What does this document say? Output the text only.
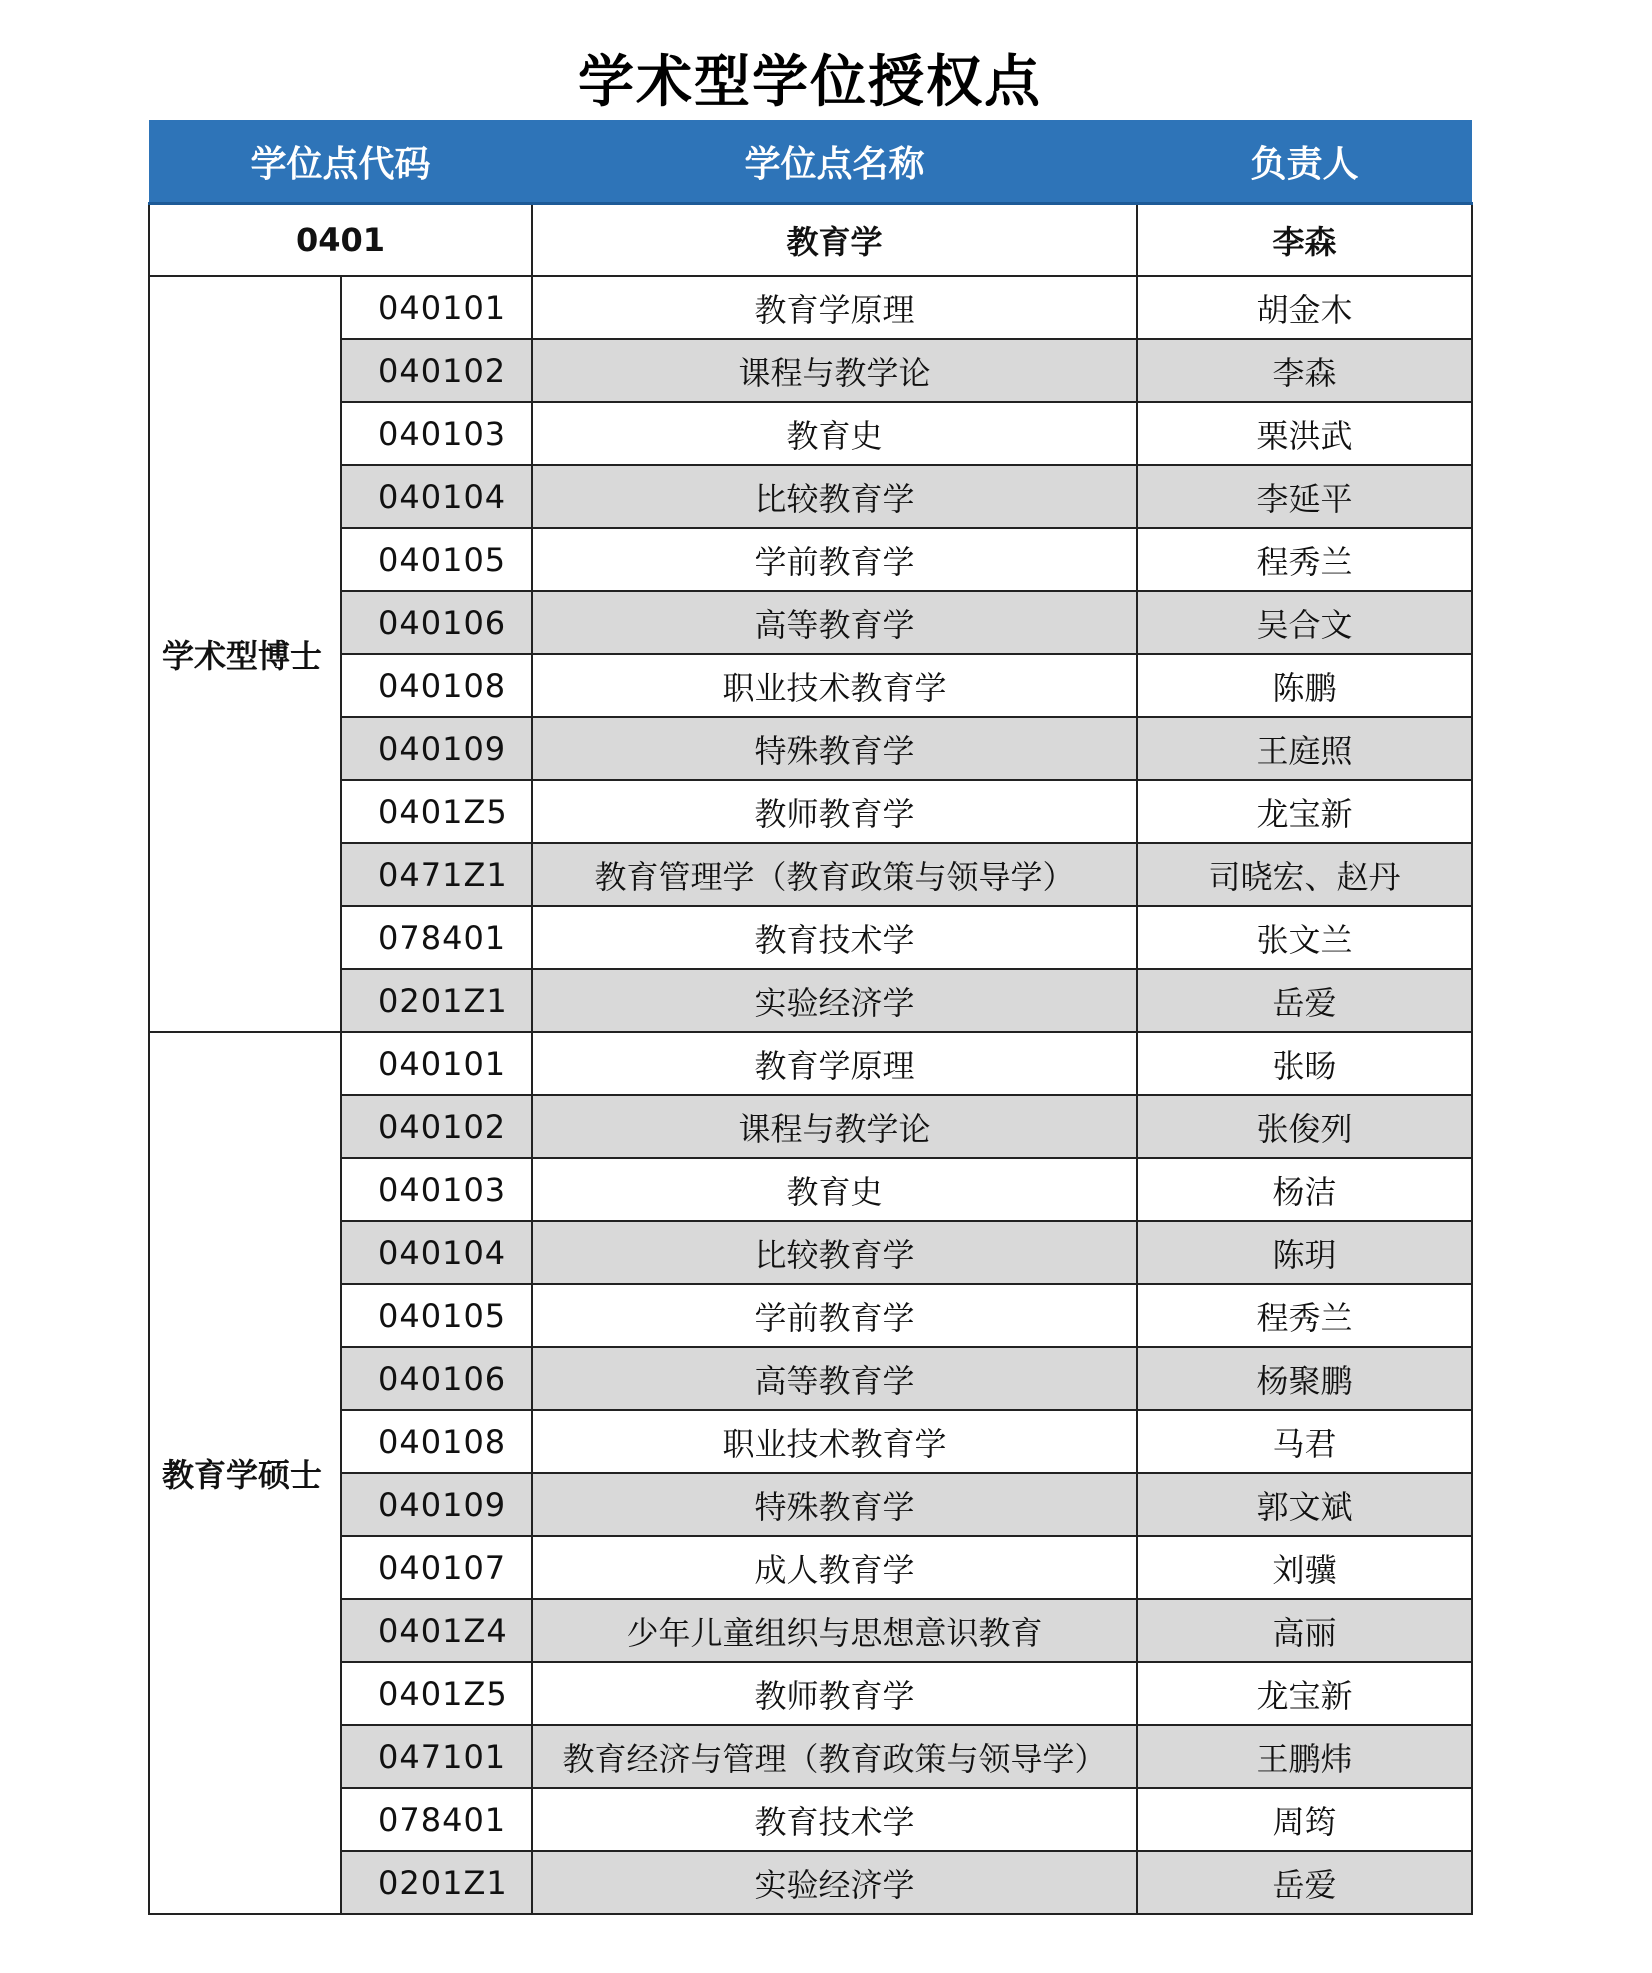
学术型学位授权点
学位点代码		学位点名称	负责人
0401		教育学	李森
学术型博士	040101	教育学原理	胡金木
	040102	课程与教学论	李森
	040103	教育史	栗洪武
	040104	比较教育学	李延平
	040105	学前教育学	程秀兰
	040106	高等教育学	吴合文
	040108	职业技术教育学	陈鹏
	040109	特殊教育学	王庭照
	0401Z5	教师教育学	龙宝新
	0471Z1	教育管理学（教育政策与领导学）	司晓宏、赵丹
	078401	教育技术学	张文兰
	0201Z1	实验经济学	岳爱
教育学硕士	040101	教育学原理	张旸
	040102	课程与教学论	张俊列
	040103	教育史	杨洁
	040104	比较教育学	陈玥
	040105	学前教育学	程秀兰
	040106	高等教育学	杨聚鹏
	040108	职业技术教育学	马君
	040109	特殊教育学	郭文斌
	040107	成人教育学	刘骥
	0401Z4	少年儿童组织与思想意识教育	高丽
	0401Z5	教师教育学	龙宝新
	047101	教育经济与管理（教育政策与领导学）	王鹏炜
	078401	教育技术学	周筠
	0201Z1	实验经济学	岳爱
